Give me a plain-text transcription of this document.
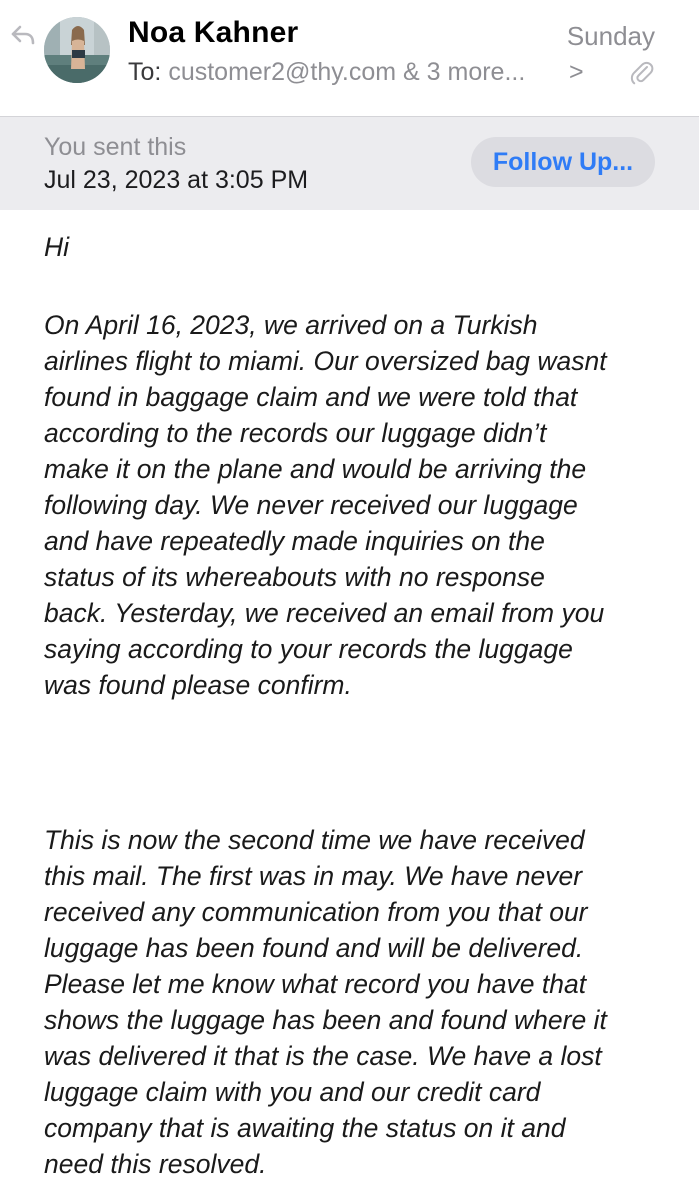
Noa Kahner	Sunday
To: customer2@thy.com & 3 more... >
You sent this
Jul 23, 2023 at 3:05 PM
Follow Up...
Hi
On April 16, 2023, we arrived on a Turkish
airlines flight to miami. Our oversized bag wasnt
found in baggage claim and we were told that
according to the records our luggage didn’t
make it on the plane and would be arriving the
following day. We never received our luggage
and have repeatedly made inquiries on the
status of its whereabouts with no response
back. Yesterday, we received an email from you
saying according to your records the luggage
was found please confirm.
This is now the second time we have received
this mail. The first was in may. We have never
received any communication from you that our
luggage has been found and will be delivered.
Please let me know what record you have that
shows the luggage has been and found where it
was delivered it that is the case. We have a lost
luggage claim with you and our credit card
company that is awaiting the status on it and
need this resolved.
